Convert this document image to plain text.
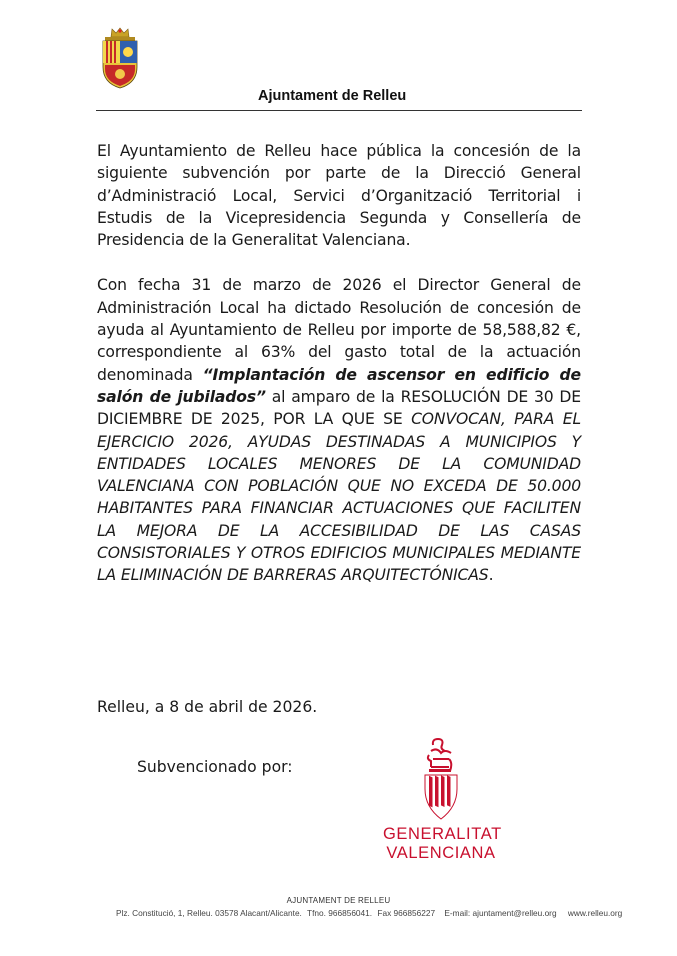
Ajuntament de Relleu

El Ayuntamiento de Relleu hace pública la concesión de la siguiente subvención por parte de la Direcció General d’Administració Local, Servici d’Organització Territorial i Estudis de la Vicepresidencia Segunda y Consellería de Presidencia de la Generalitat Valenciana.

Con fecha 31 de marzo de 2026 el Director General de Administración Local ha dictado Resolución de concesión de ayuda al Ayuntamiento de Relleu por importe de 58,588,82 €, correspondiente al 63% del gasto total de la actuación denominada “Implantación de ascensor en edificio de salón de jubilados” al amparo de la RESOLUCIÓN DE 30 DE DICIEMBRE DE 2025, POR LA QUE SE CONVOCAN, PARA EL EJERCICIO 2026, AYUDAS DESTINADAS A MUNICIPIOS Y ENTIDADES LOCALES MENORES DE LA COMUNIDAD VALENCIANA CON POBLACIÓN QUE NO EXCEDA DE 50.000 HABITANTES PARA FINANCIAR ACTUACIONES QUE FACILITEN LA MEJORA DE LA ACCESIBILIDAD DE LAS CASAS CONSISTORIALES Y OTROS EDIFICIOS MUNICIPALES MEDIANTE LA ELIMINACIÓN DE BARRERAS ARQUITECTÓNICAS.

Relleu, a 8 de abril de 2026.
Subvencionado por:
GENERALITAT
VALENCIANA
AJUNTAMENT DE RELLEU
Plz. Constitució, 1, Relleu. 03578 Alacant/Alicante. Tfno. 966856041. Fax 966856227 E-mail: ajuntament@relleu.org www.relleu.org
